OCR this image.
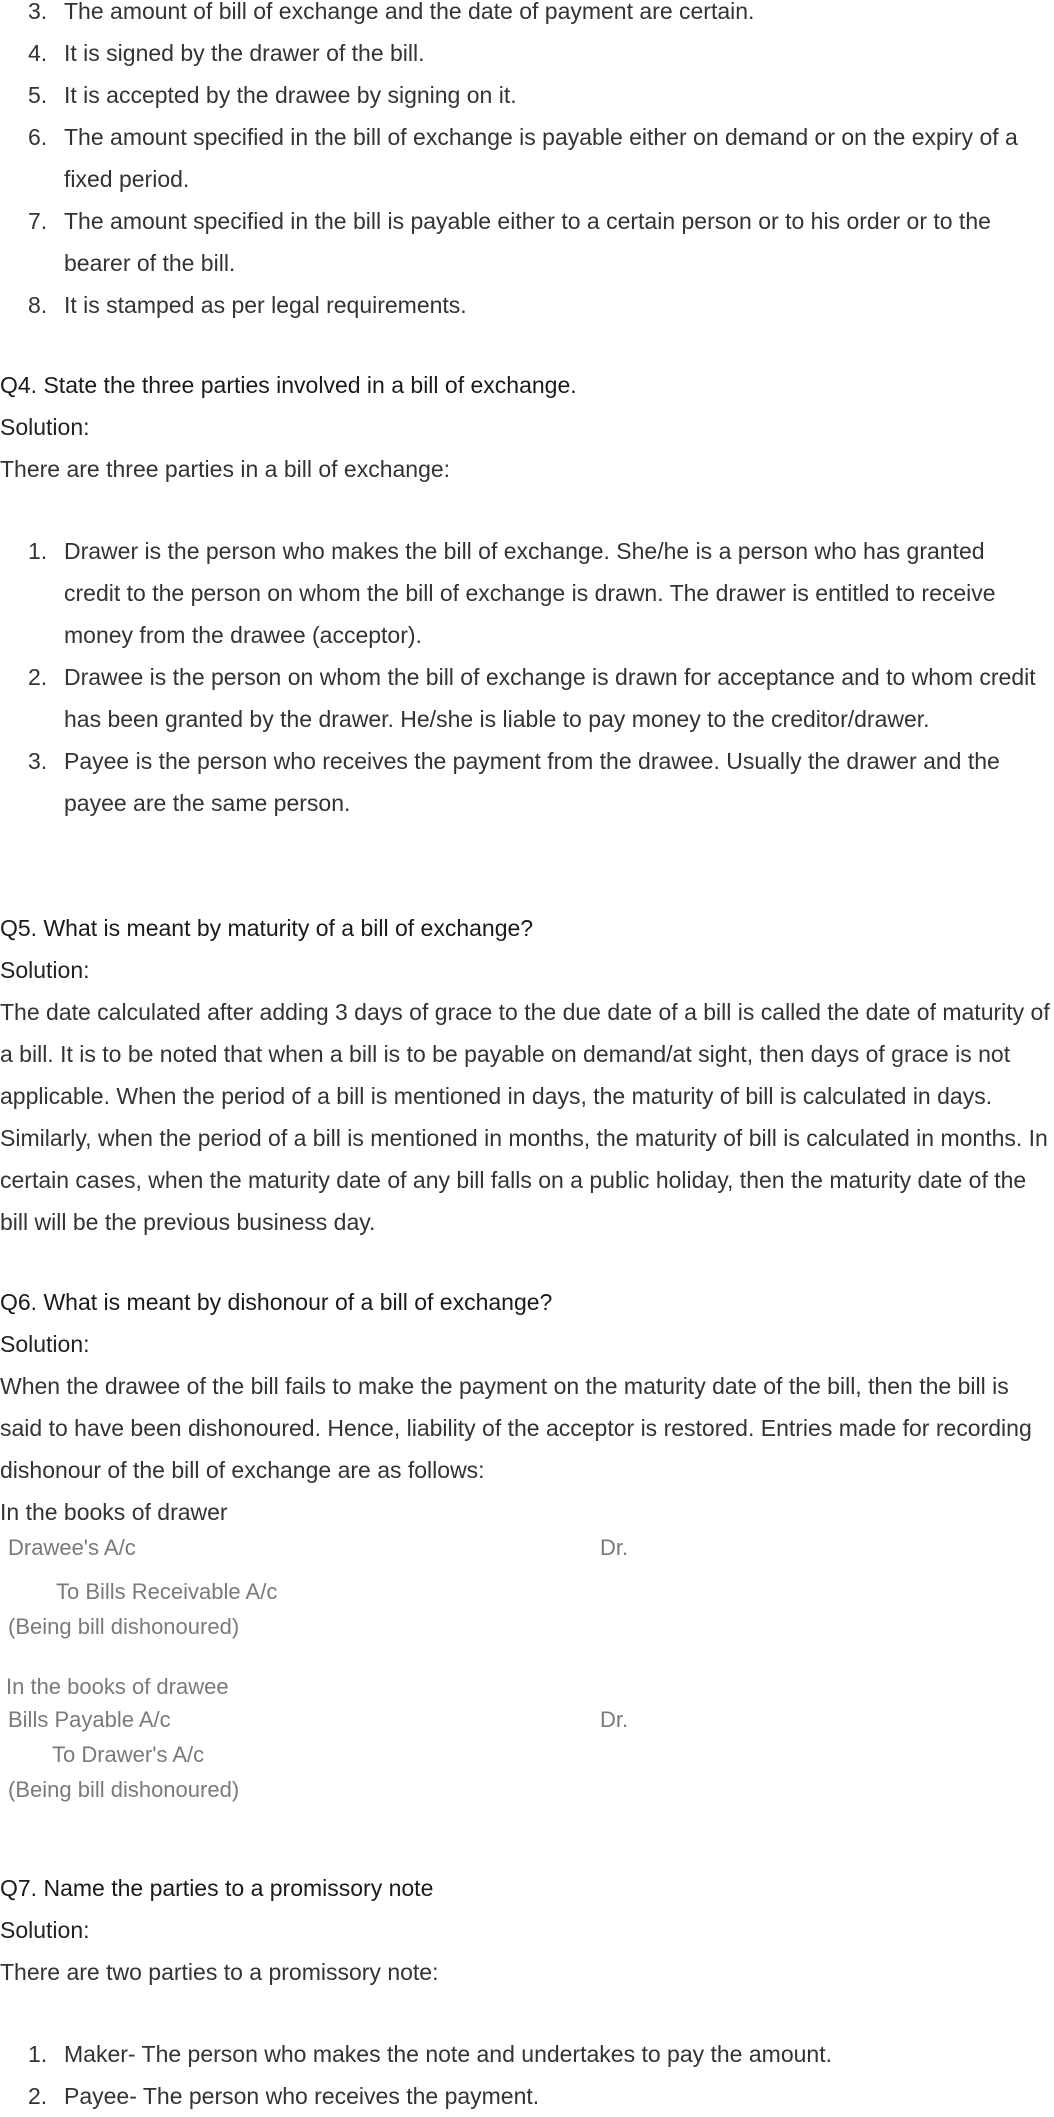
3. The amount of bill of exchange and the date of payment are certain.
4. It is signed by the drawer of the bill.
5. It is accepted by the drawee by signing on it.
6. The amount specified in the bill of exchange is payable either on demand or on the expiry of a fixed period.
7. The amount specified in the bill is payable either to a certain person or to his order or to the bearer of the bill.
8. It is stamped as per legal requirements.

Q4. State the three parties involved in a bill of exchange.

Solution:

There are three parties in a bill of exchange:

1. Drawer is the person who makes the bill of exchange. She/he is a person who has granted credit to the person on whom the bill of exchange is drawn. The drawer is entitled to receive money from the drawee (acceptor).
2. Drawee is the person on whom the bill of exchange is drawn for acceptance and to whom credit has been granted by the drawer. He/she is liable to pay money to the creditor/drawer.
3. Payee is the person who receives the payment from the drawee. Usually the drawer and the payee are the same person.

Q5. What is meant by maturity of a bill of exchange?

Solution:

The date calculated after adding 3 days of grace to the due date of a bill is called the date of maturity of a bill. It is to be noted that when a bill is to be payable on demand/at sight, then days of grace is not applicable. When the period of a bill is mentioned in days, the maturity of bill is calculated in days. Similarly, when the period of a bill is mentioned in months, the maturity of bill is calculated in months. In certain cases, when the maturity date of any bill falls on a public holiday, then the maturity date of the bill will be the previous business day.

Q6. What is meant by dishonour of a bill of exchange?

Solution:

When the drawee of the bill fails to make the payment on the maturity date of the bill, then the bill is said to have been dishonoured. Hence, liability of the acceptor is restored. Entries made for recording dishonour of the bill of exchange are as follows:

In the books of drawer

Drawee's A/c	Dr.
To Bills Receivable A/c
(Being bill dishonoured)
In the books of drawee
Bills Payable A/c	Dr.
To Drawer's A/c
(Being bill dishonoured)

Q7. Name the parties to a promissory note

Solution:

There are two parties to a promissory note:

1. Maker- The person who makes the note and undertakes to pay the amount.
2. Payee- The person who receives the payment.
